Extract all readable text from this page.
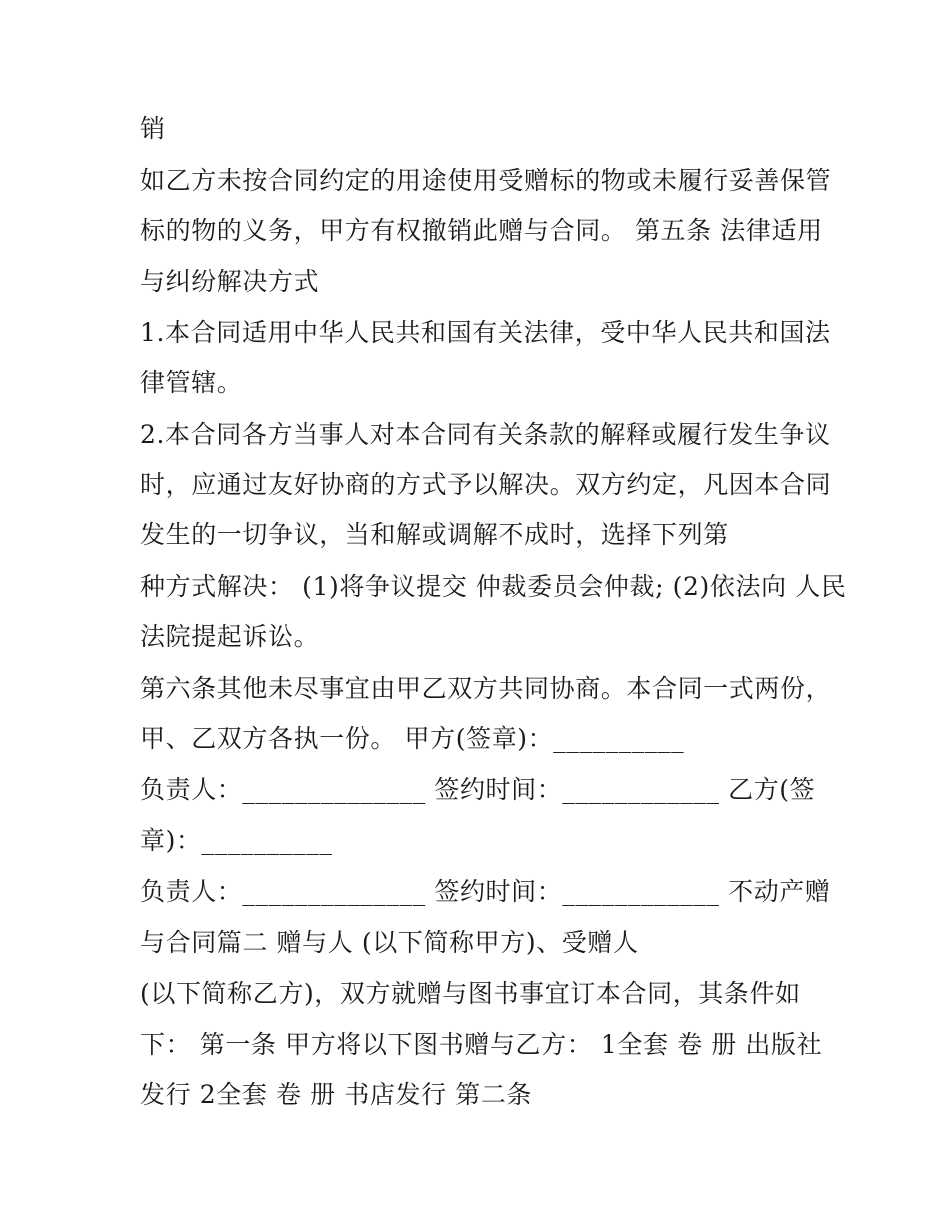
销
如乙方未按合同约定的用途使用受赠标的物或未履行妥善保管
标的物的义务，甲方有权撤销此赠与合同。 第五条 法律适用
与纠纷解决方式
1.本合同适用中华人民共和国有关法律，受中华人民共和国法
律管辖。
2.本合同各方当事人对本合同有关条款的解释或履行发生争议
时，应通过友好协商的方式予以解决。双方约定，凡因本合同
发生的一切争议，当和解或调解不成时，选择下列第
种方式解决： (1)将争议提交 仲裁委员会仲裁; (2)依法向 人民
法院提起诉讼。
第六条其他未尽事宜由甲乙双方共同协商。本合同一式两份，
甲、乙双方各执一份。 甲方(签章)：__________
负责人：______________ 签约时间：____________ 乙方(签
章)：__________
负责人：______________ 签约时间：____________ 不动产赠
与合同篇二 赠与人 (以下简称甲方)、受赠人
(以下简称乙方)，双方就赠与图书事宜订本合同，其条件如
下： 第一条 甲方将以下图书赠与乙方： 1全套 卷 册 出版社
发行 2全套 卷 册 书店发行 第二条
